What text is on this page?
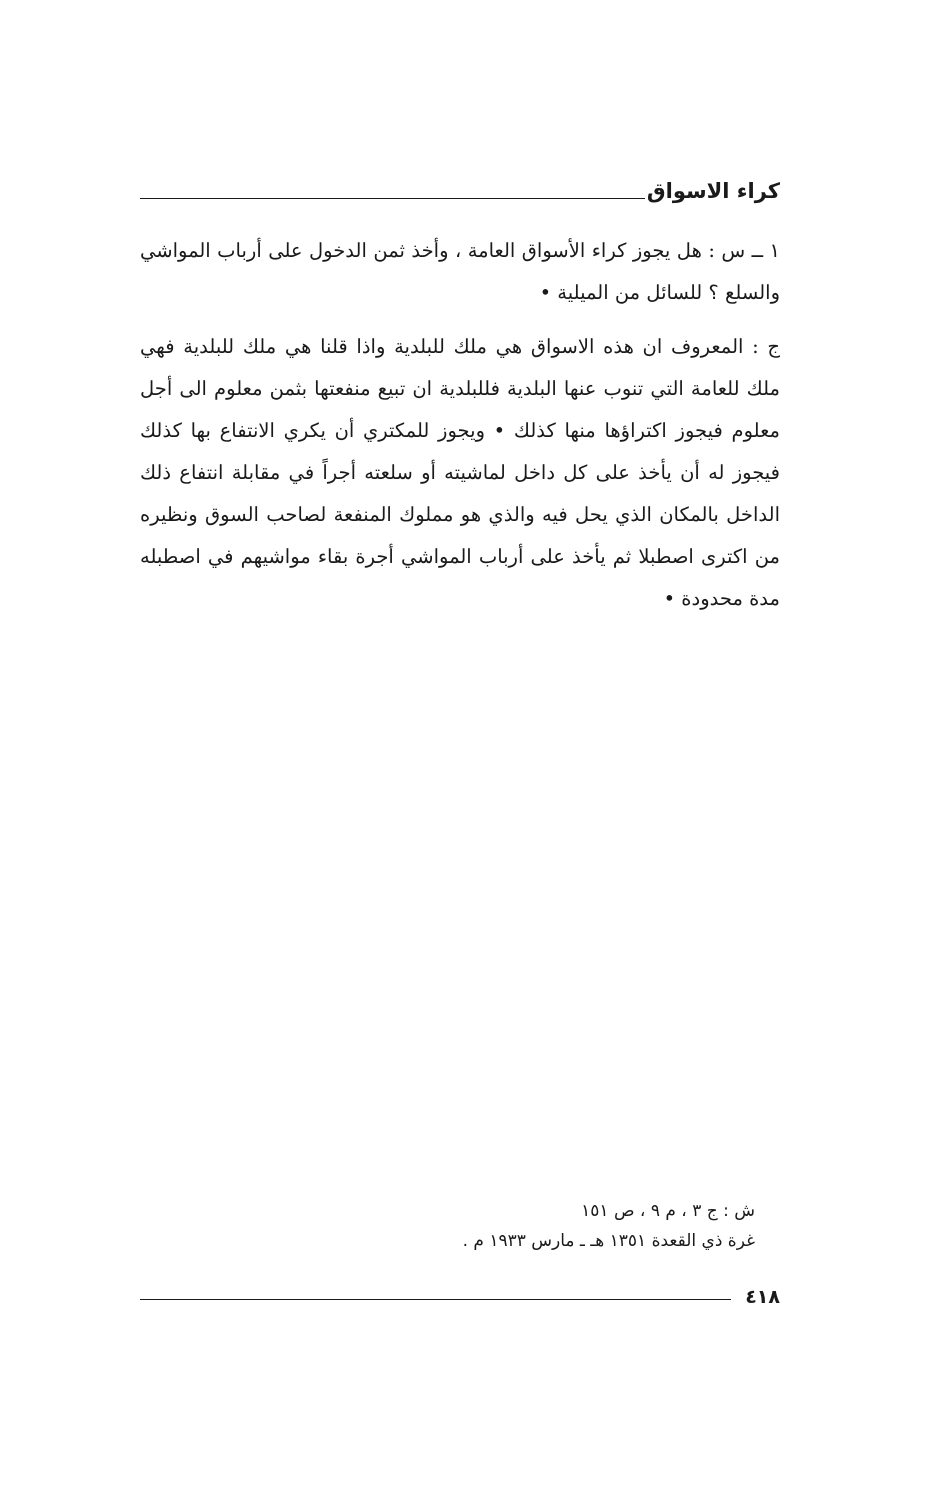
كراء الاسواق

١ ــ س : هل يجوز كراء الأسواق العامة ، وأخذ ثمن الدخول على أرباب المواشي والسلع ؟ للسائل من الميلية •

ج : المعروف ان هذه الاسواق هي ملك للبلدية واذا قلنا هي ملك للبلدية فهي ملك للعامة التي تنوب عنها البلدية فللبلدية ان تبيع منفعتها بثمن معلوم الى أجل معلوم فيجوز اكتراؤها منها كذلك • ويجوز للمكتري أن يكري الانتفاع بها كذلك فيجوز له أن يأخذ على كل داخل لماشيته أو سلعته أجراً في مقابلة انتفاع ذلك الداخل بالمكان الذي يحل فيه والذي هو مملوك المنفعة لصاحب السوق ونظيره من اكترى اصطبلا ثم يأخذ على أرباب المواشي أجرة بقاء مواشيهم في اصطبله مدة محدودة •

ش : ج ٣ ، م ٩ ، ص ١٥١
غرة ذي القعدة ١٣٥١ هـ ـ مارس ١٩٣٣ م .
٤١٨
